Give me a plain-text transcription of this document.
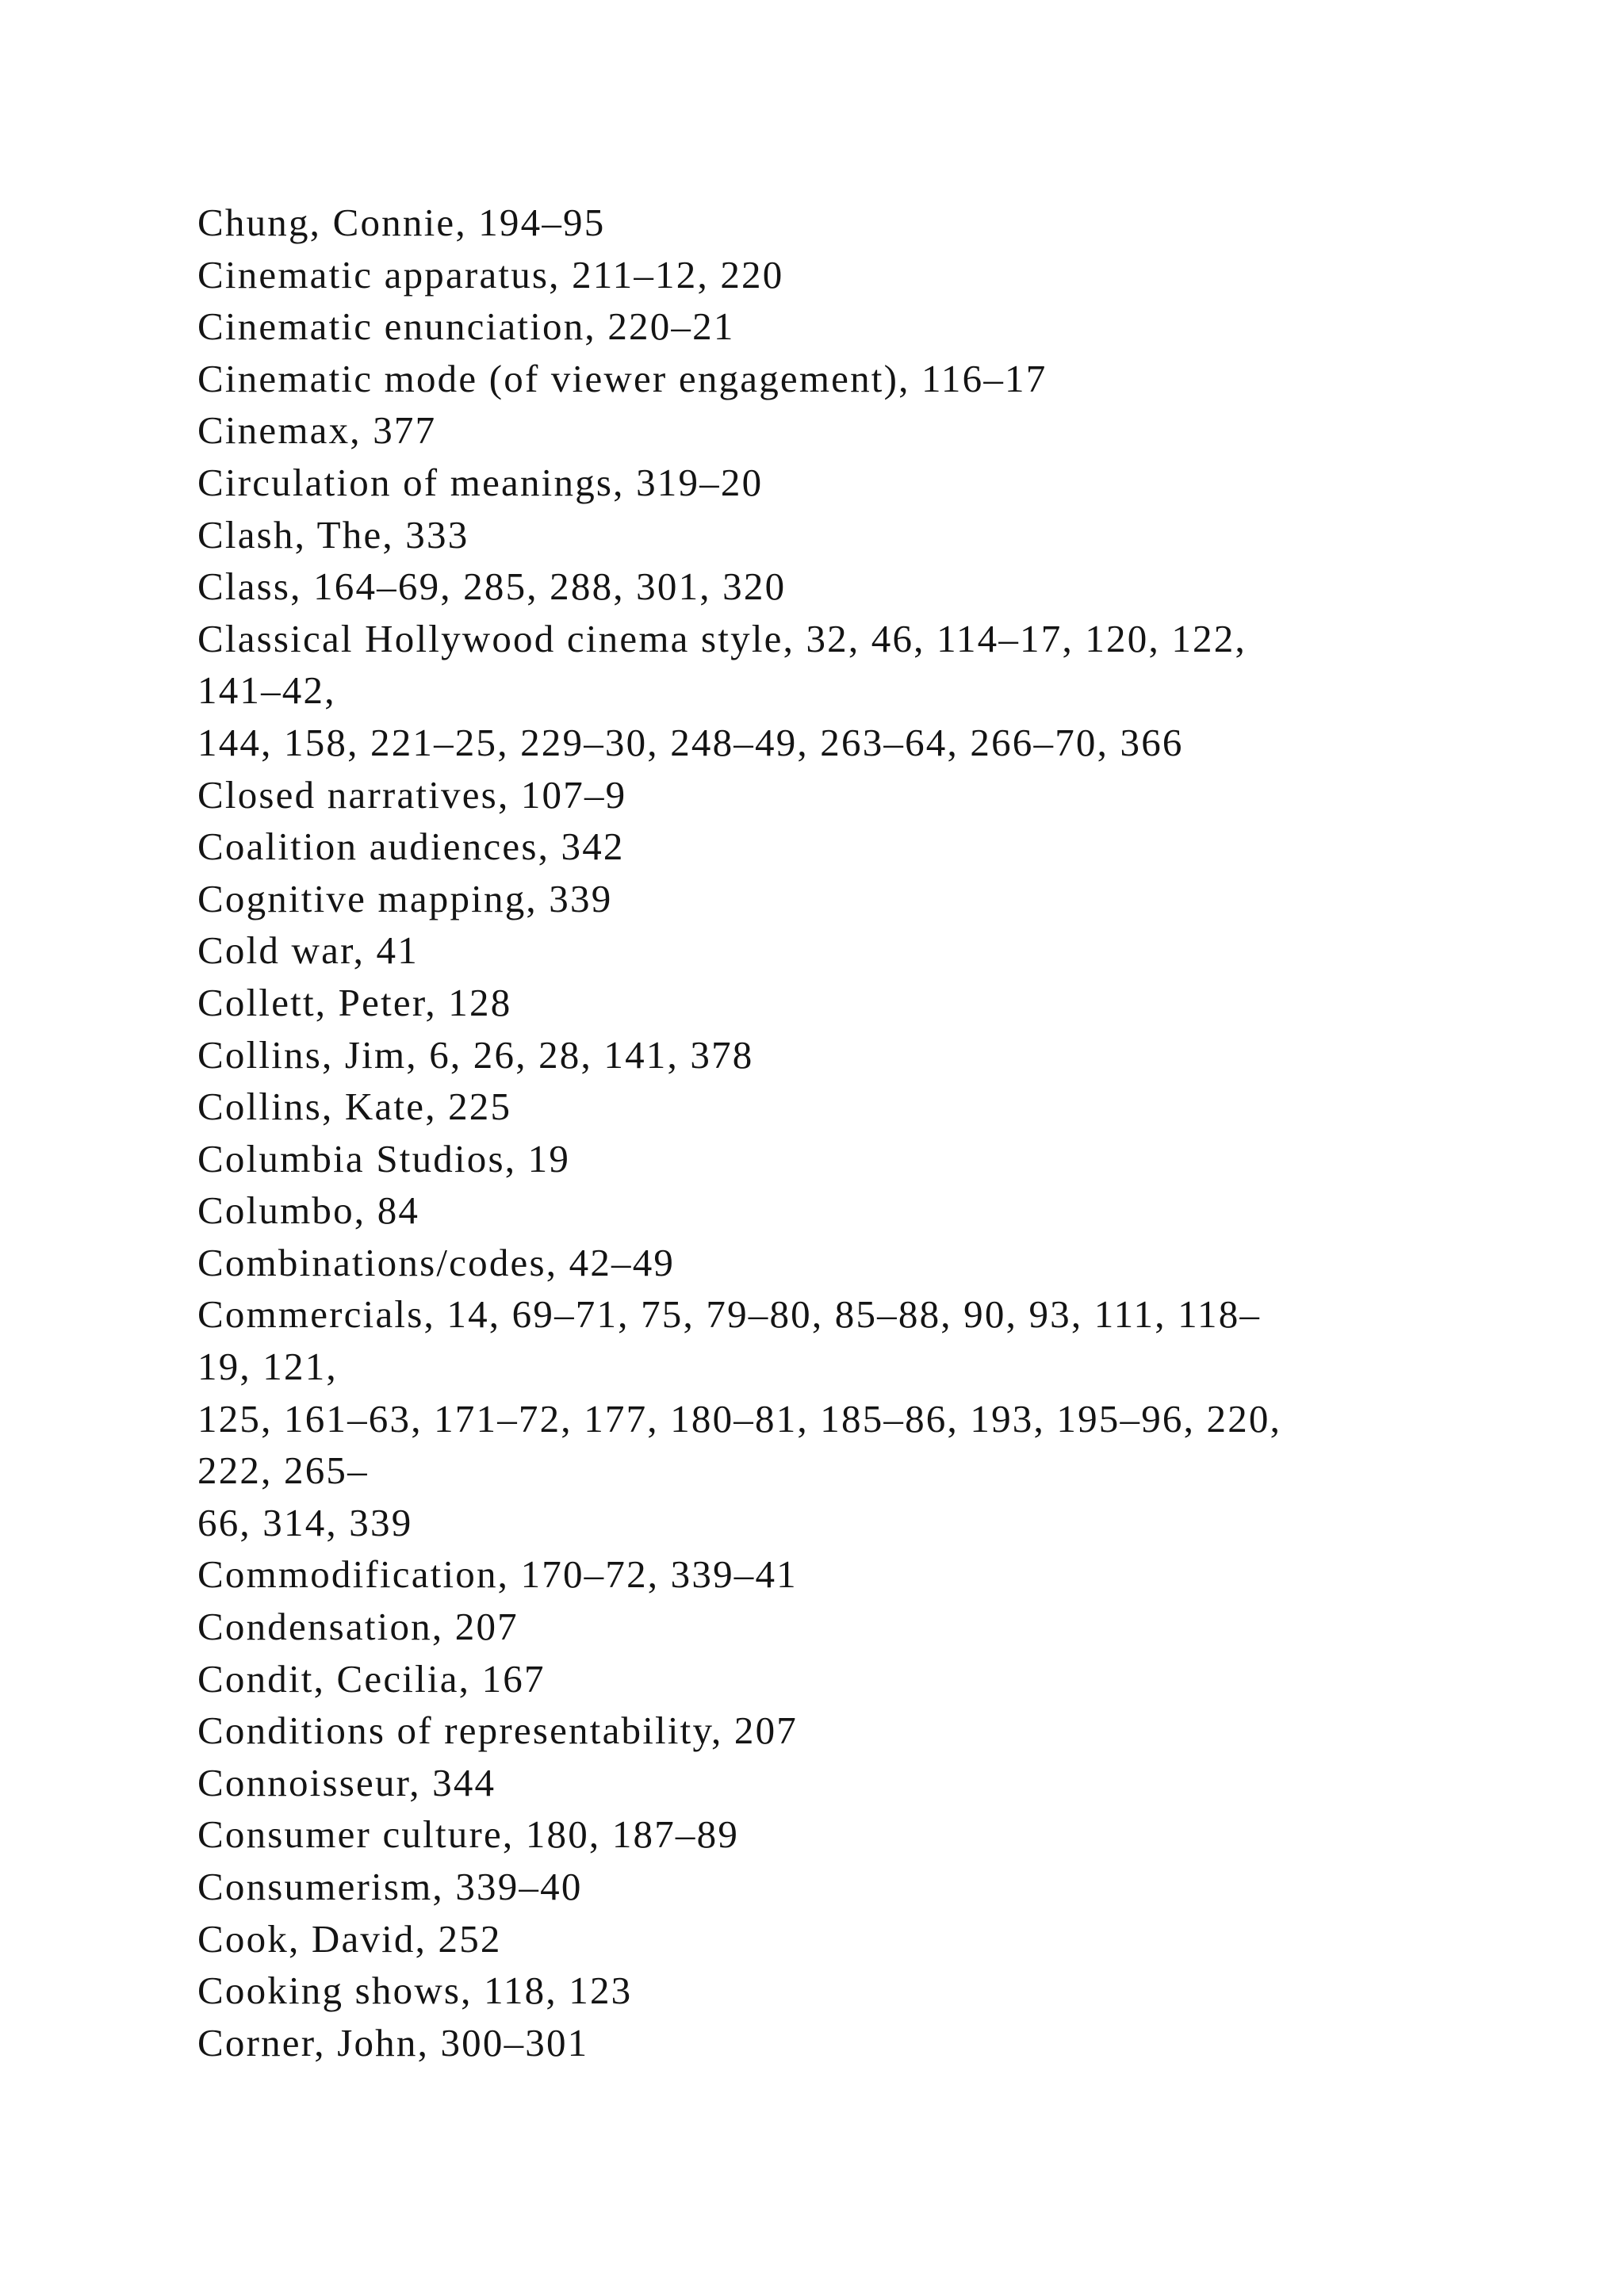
Chung, Connie, 194–95
Cinematic apparatus, 211–12, 220
Cinematic enunciation, 220–21
Cinematic mode (of viewer engagement), 116–17
Cinemax, 377
Circulation of meanings, 319–20
Clash, The, 333
Class, 164–69, 285, 288, 301, 320
Classical Hollywood cinema style, 32, 46, 114–17, 120, 122,
141–42,
144, 158, 221–25, 229–30, 248–49, 263–64, 266–70, 366
Closed narratives, 107–9
Coalition audiences, 342
Cognitive mapping, 339
Cold war, 41
Collett, Peter, 128
Collins, Jim, 6, 26, 28, 141, 378
Collins, Kate, 225
Columbia Studios, 19
Columbo, 84
Combinations/codes, 42–49
Commercials, 14, 69–71, 75, 79–80, 85–88, 90, 93, 111, 118–
19, 121,
125, 161–63, 171–72, 177, 180–81, 185–86, 193, 195–96, 220,
222, 265–
66, 314, 339
Commodification, 170–72, 339–41
Condensation, 207
Condit, Cecilia, 167
Conditions of representability, 207
Connoisseur, 344
Consumer culture, 180, 187–89
Consumerism, 339–40
Cook, David, 252
Cooking shows, 118, 123
Corner, John, 300–301
